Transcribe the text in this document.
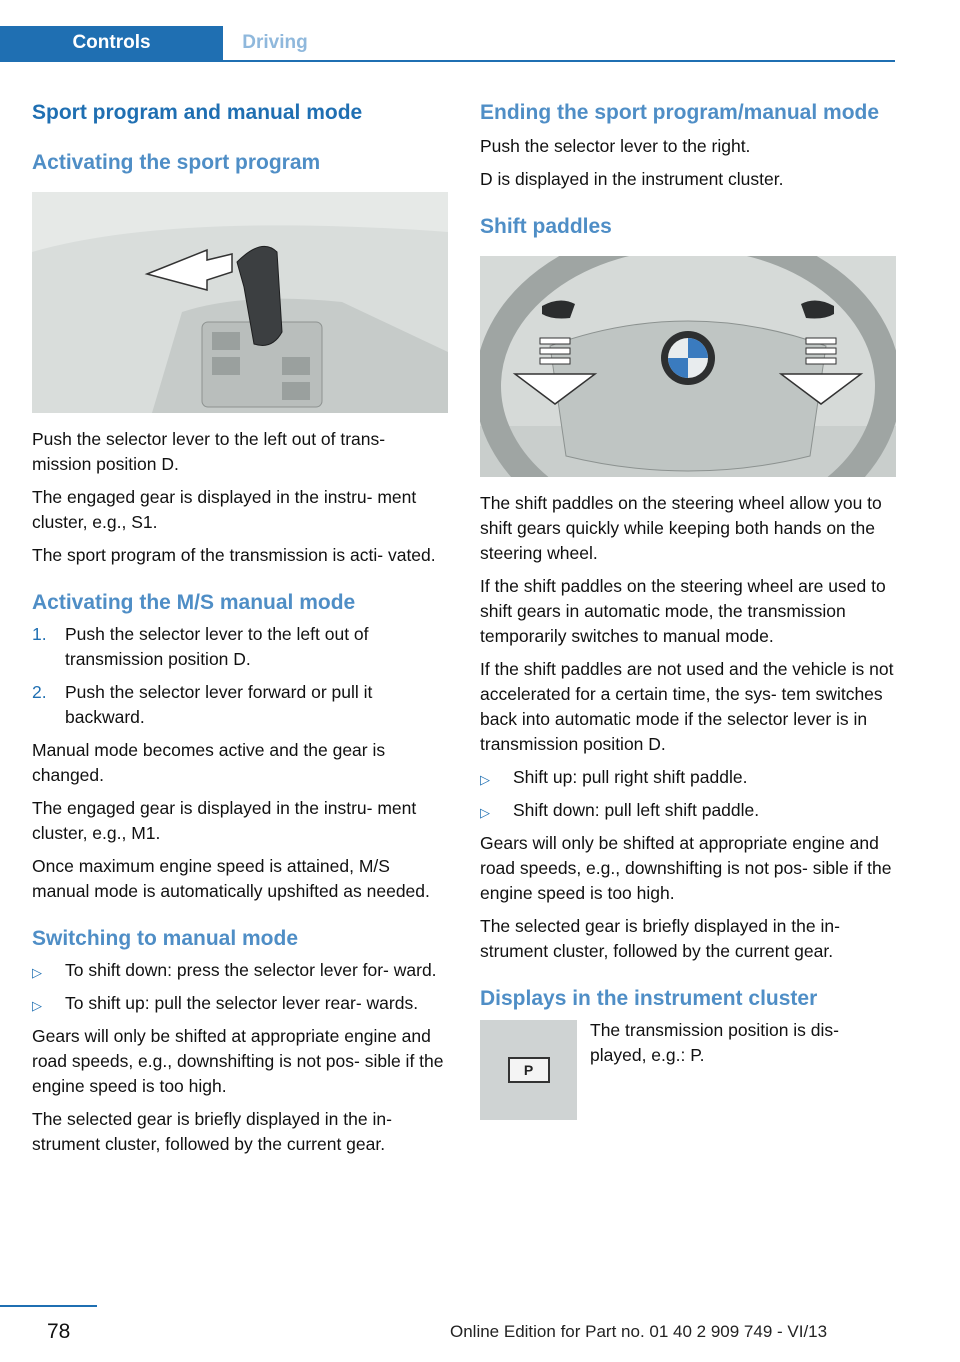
Controls	Driving
Sport program and manual mode
Activating the sport program

Push the selector lever to the left out of trans‐ mission position D.

The engaged gear is displayed in the instru‐ ment cluster, e.g., S1.

The sport program of the transmission is acti‐ vated.

Activating the M/S manual mode
1. Push the selector lever to the left out of transmission position D.
2. Push the selector lever forward or pull it backward.

Manual mode becomes active and the gear is changed.

The engaged gear is displayed in the instru‐ ment cluster, e.g., M1.

Once maximum engine speed is attained, M/S manual mode is automatically upshifted as needed.

Switching to manual mode
▷ To shift down: press the selector lever for‐ ward.
▷ To shift up: pull the selector lever rear‐ wards.

Gears will only be shifted at appropriate engine and road speeds, e.g., downshifting is not pos‐ sible if the engine speed is too high.

The selected gear is briefly displayed in the in‐ strument cluster, followed by the current gear.

Ending the sport program/manual mode

Push the selector lever to the right.

D is displayed in the instrument cluster.

Shift paddles

The shift paddles on the steering wheel allow you to shift gears quickly while keeping both hands on the steering wheel.

If the shift paddles on the steering wheel are used to shift gears in automatic mode, the transmission temporarily switches to manual mode.

If the shift paddles are not used and the vehicle is not accelerated for a certain time, the sys‐ tem switches back into automatic mode if the selector lever is in transmission position D.

▷ Shift up: pull right shift paddle.
▷ Shift down: pull left shift paddle.

Gears will only be shifted at appropriate engine and road speeds, e.g., downshifting is not pos‐ sible if the engine speed is too high.

The selected gear is briefly displayed in the in‐ strument cluster, followed by the current gear.

Displays in the instrument cluster
P

The transmission position is dis‐ played, e.g.: P.

78	Online Edition for Part no. 01 40 2 909 749 - VI/13
